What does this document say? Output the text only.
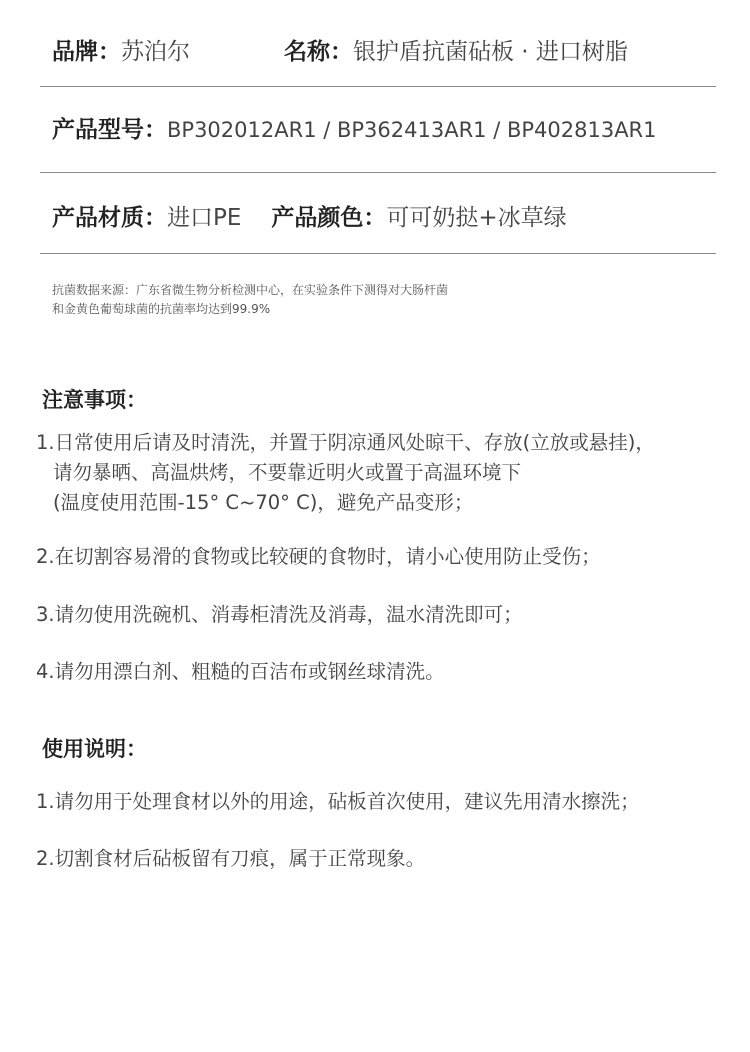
品牌：苏泊尔	名称：银护盾抗菌砧板 · 进口树脂
产品型号：BP302012AR1 / BP362413AR1 / BP402813AR1
产品材质：进口PE 产品颜色：可可奶挞+冰草绿
抗菌数据来源：广东省微生物分析检测中心，在实验条件下测得对大肠杆菌
和金黄色葡萄球菌的抗菌率均达到99.9%
注意事项：
1.日常使用后请及时清洗，并置于阴凉通风处晾干、存放(立放或悬挂)，
请勿暴晒、高温烘烤，不要靠近明火或置于高温环境下
(温度使用范围-15° C~70° C)，避免产品变形；
2.在切割容易滑的食物或比较硬的食物时，请小心使用防止受伤；
3.请勿使用洗碗机、消毒柜清洗及消毒，温水清洗即可；
4.请勿用漂白剂、粗糙的百洁布或钢丝球清洗。
使用说明：
1.请勿用于处理食材以外的用途，砧板首次使用，建议先用清水擦洗；
2.切割食材后砧板留有刀痕，属于正常现象。
